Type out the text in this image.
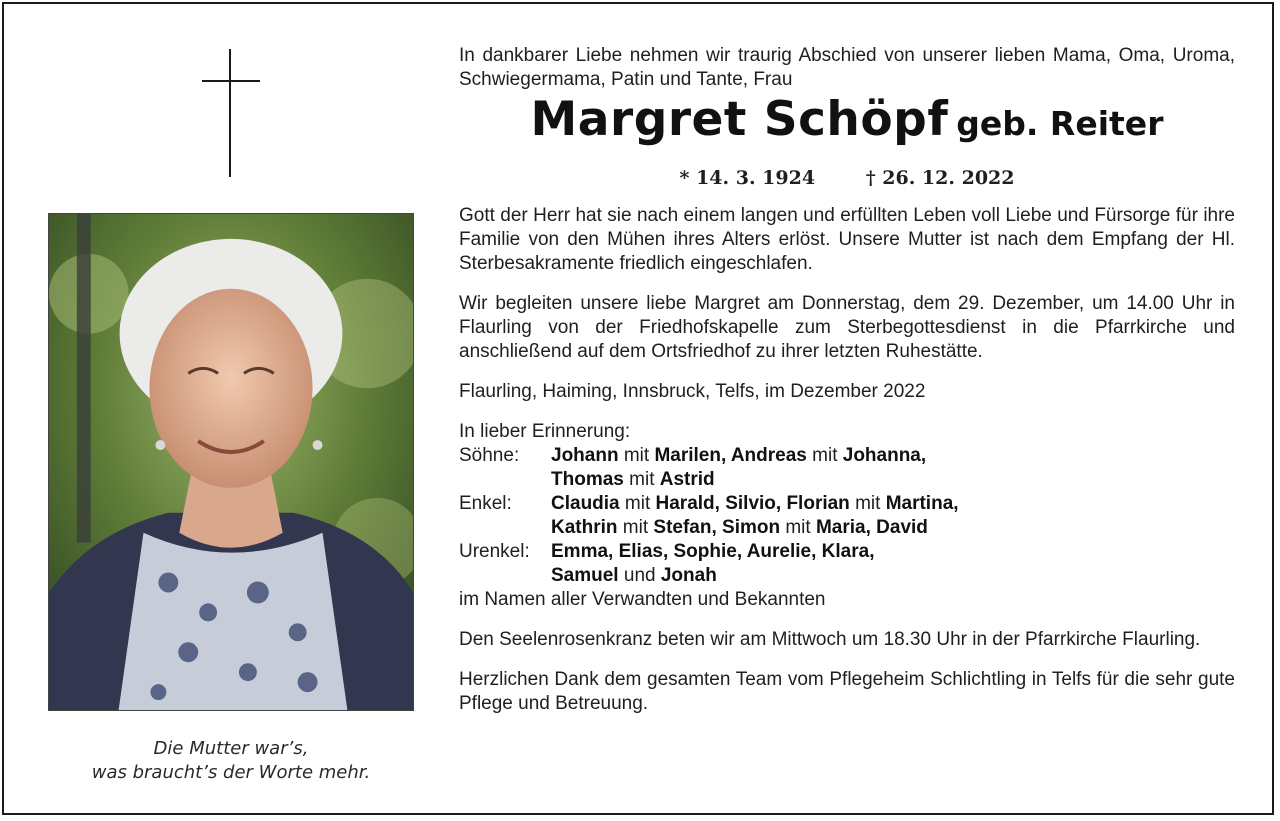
Die Mutter war’s,
was braucht’s der Worte mehr.

In dankbarer Liebe nehmen wir traurig Abschied von unserer lieben Mama, Oma, Uroma, Schwiegermama, Patin und Tante, Frau

Margret Schöpf geb. Reiter
* 14. 3. 1924	† 26. 12. 2022

Gott der Herr hat sie nach einem langen und erfüllten Leben voll Liebe und Fürsorge für ihre Familie von den Mühen ihres Alters erlöst. Unsere Mutter ist nach dem Empfang der Hl. Sterbesakramente friedlich eingeschlafen.

Wir begleiten unsere liebe Margret am Donnerstag, dem 29. Dezember, um 14.00 Uhr in Flaurling von der Friedhofskapelle zum Sterbegottesdienst in die Pfarrkirche und anschließend auf dem Ortsfriedhof zu ihrer letzten Ruhestätte.

Flaurling, Haiming, Innsbruck, Telfs, im Dezember 2022

In lieber Erinnerung:

Söhne:	Johann mit Marilen, Andreas mit Johanna,
Thomas mit Astrid
Enkel:	Claudia mit Harald, Silvio, Florian mit Martina,
Kathrin mit Stefan, Simon mit Maria, David
Urenkel:	Emma, Elias, Sophie, Aurelie, Klara,
Samuel und Jonah

im Namen aller Verwandten und Bekannten

Den Seelenrosenkranz beten wir am Mittwoch um 18.30 Uhr in der Pfarrkirche Flaurling.

Herzlichen Dank dem gesamten Team vom Pflegeheim Schlichtling in Telfs für die sehr gute Pflege und Betreuung.
